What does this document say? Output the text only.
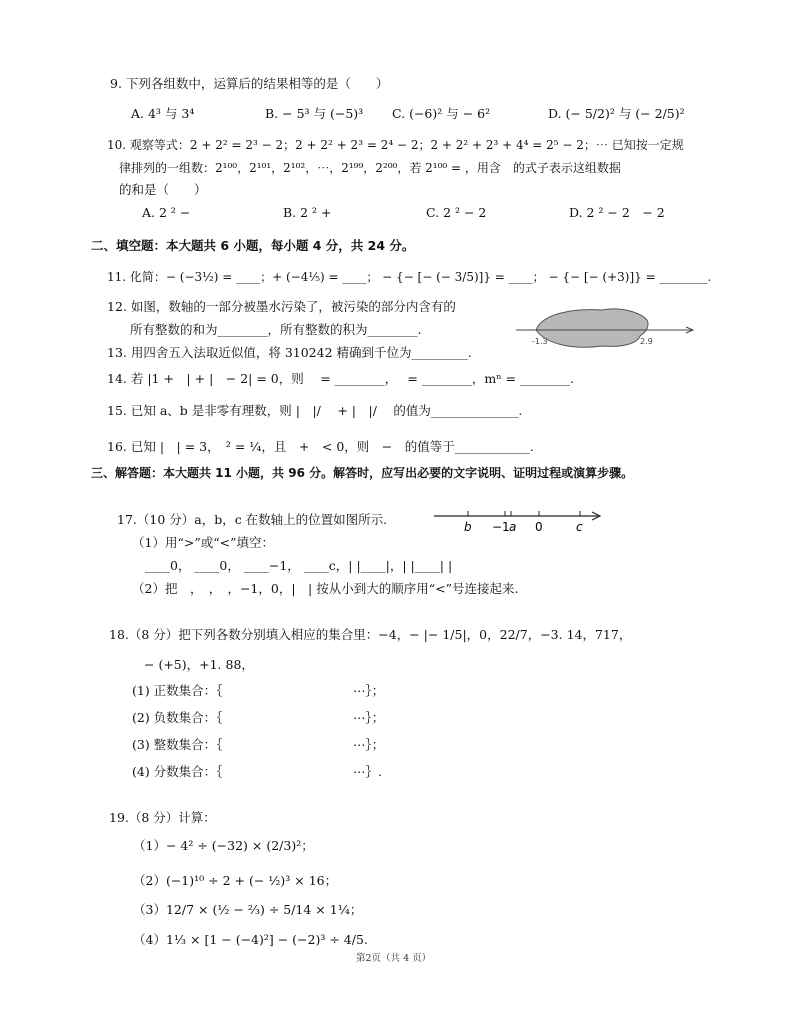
9. 下列各组数中，运算后的结果相等的是（　　）
A. 4³ 与 3⁴	B. − 5³ 与 (−5)³ C. (−6)² 与 − 6²	D. (− 5/2)² 与 (− 2/5)²
10. 观察等式：2 + 2² = 2³ − 2；2 + 2² + 2³ = 2⁴ − 2；2 + 2² + 2³ + 4⁴ = 2⁵ − 2；⋯ 已知按一定规
律排列的一组数：2¹⁰⁰，2¹⁰¹，2¹⁰²，⋯，2¹⁹⁹，2²⁰⁰，若 2¹⁰⁰ = ，用含　的式子表示这组数据
的和是（　　）
A. 2 ² −	B. 2 ² +	C. 2 ² − 2	D. 2 ² − 2　− 2
二、填空题：本大题共 6 小题，每小题 4 分，共 24 分。
11. 化简：− (−3½) = ____；+ (−4⅕) = ____； − {− [− (− 3/5)]} = ____； − {− [− (+3)]} = ________.
12. 如图，数轴的一部分被墨水污染了，被污染的部分内含有的
所有整数的和为________，所有整数的积为________.
-1.3	2.9
13. 用四舍五入法取近似值，将 310242 精确到千位为_________.
14. 若 |1 +　| + |　− 2| = 0，则　 = ________，　 = ________，mⁿ = ________.
15. 已知 a、b 是非零有理数，则 |　|/　 + |　|/　 的值为______________.
16. 已知 |　| = 3，　² = ¼，且　+　< 0，则　−　的值等于____________.
三、解答题：本大题共 11 小题，共 96 分。解答时，应写出必要的文字说明、证明过程或演算步骤。
17.（10 分）a，b，c 在数轴上的位置如图所示.	b −1 a 0	c
（1）用“>”或“<”填空：
____0， ____0， ____−1， ____c，| |____|，| |____| |
（2）把　，　，　，−1，0，|　| 按从小到大的顺序用“<”号连接起来.
18.（8 分）把下列各数分别填入相应的集合里：−4，− |− 1/5|，0，22/7，−3. 14，717，
− (+5)，+1. 88，
(1) 正数集合：｛	⋯｝；
(2) 负数集合：｛	⋯｝；
(3) 整数集合：｛	⋯｝；
(4) 分数集合：｛	⋯｝.
19.（8 分）计算：
（1）− 4² ÷ (−32) × (2/3)²；
（2）(−1)¹⁰ ÷ 2 + (− ½)³ × 16；
（3）12/7 × (½ − ⅔) ÷ 5/14 × 1¼；
（4）1⅓ × [1 − (−4)²] − (−2)³ ÷ 4/5.
第2页（共 4 页）
